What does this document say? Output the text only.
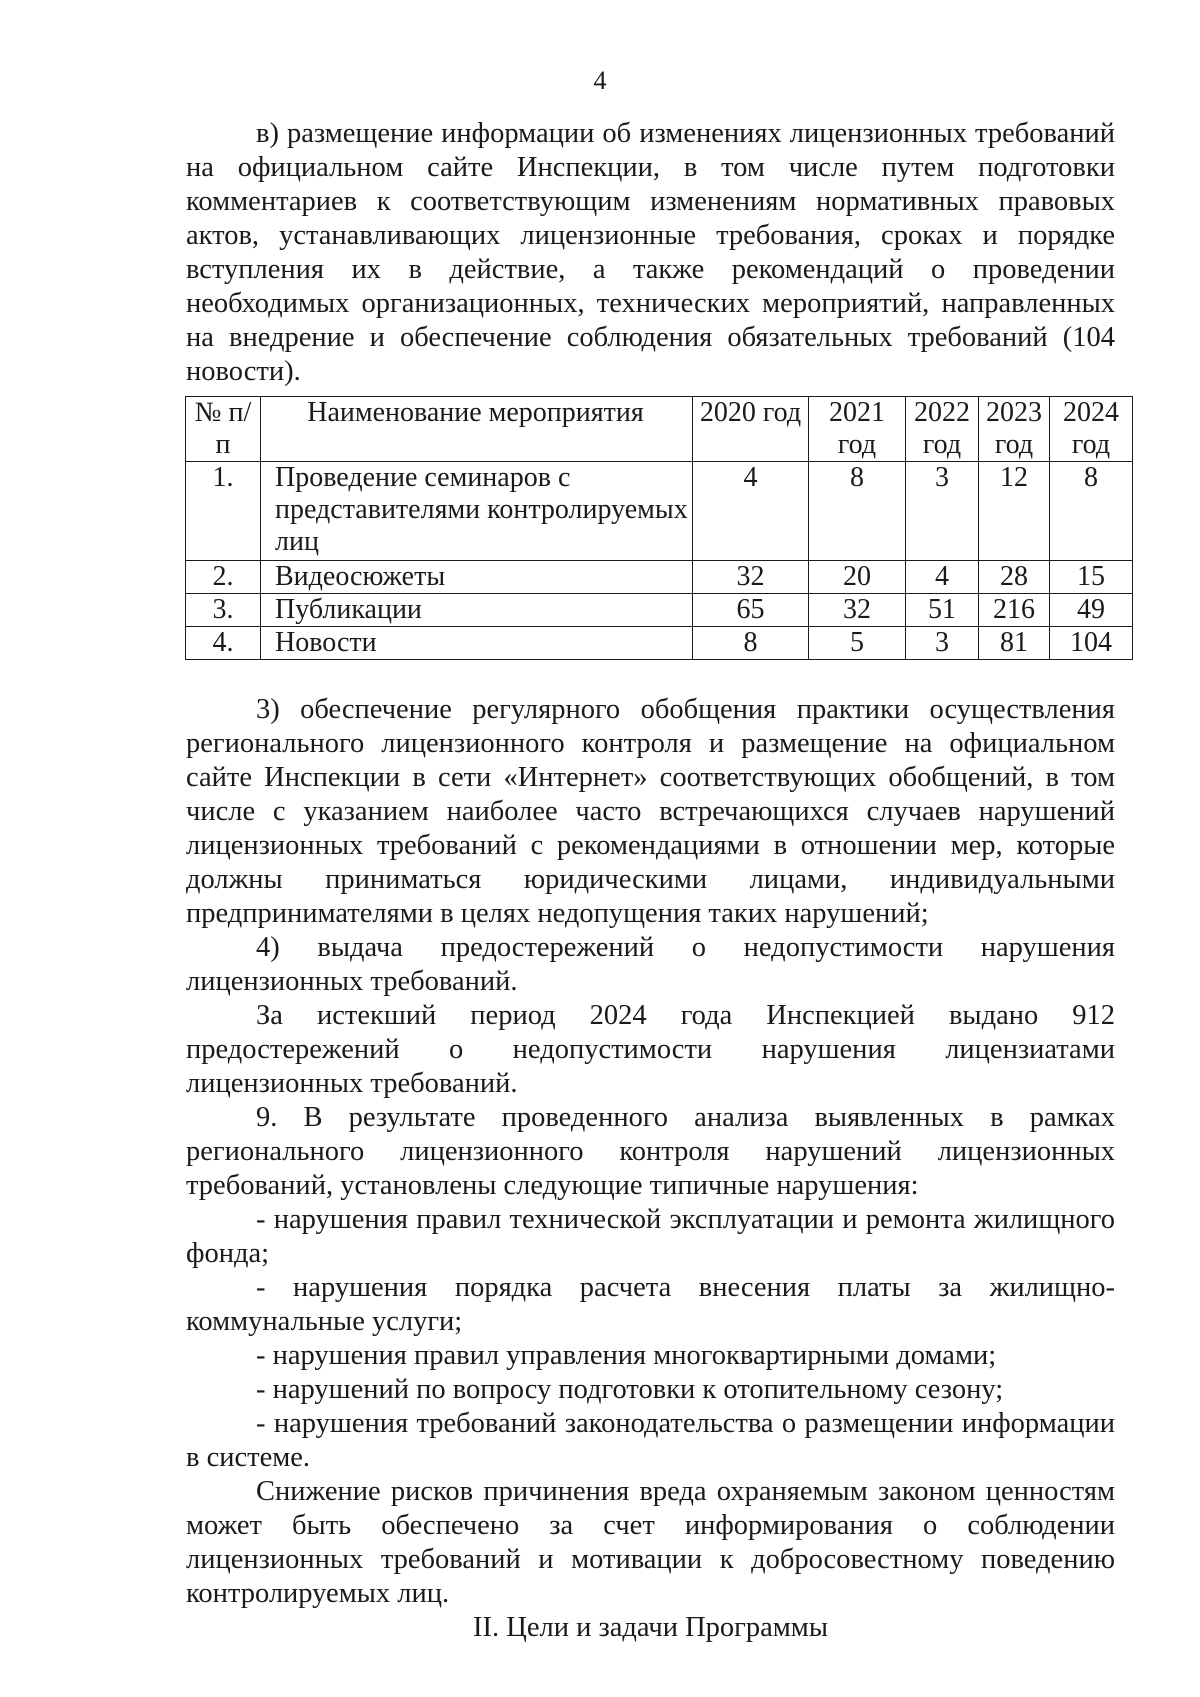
4

в) размещение информации об изменениях лицензионных требований на официальном сайте Инспекции, в том числе путем подготовки комментариев к соответствующим изменениям нормативных правовых актов, устанавливающих лицензионные требования, сроках и порядке вступления их в действие, а также рекомендаций о проведении необходимых организационных, технических мероприятий, направленных на внедрение и обеспечение соблюдения обязательных требований (104 новости).

№ п/п	Наименование мероприятия	2020 год	2021 год	2022 год	2023 год	2024 год
1.	Проведение семинаров с представителями контролируемых лиц	4	8	3	12	8
2.	Видеосюжеты	32	20	4	28	15
3.	Публикации	65	32	51	216	49
4.	Новости	8	5	3	81	104

3) обеспечение регулярного обобщения практики осуществления регионального лицензионного контроля и размещение на официальном сайте Инспекции в сети «Интернет» соответствующих обобщений, в том числе с указанием наиболее часто встречающихся случаев нарушений лицензионных требований с рекомендациями в отношении мер, которые должны приниматься юридическими лицами, индивидуальными предпринимателями в целях недопущения таких нарушений;

4) выдача предостережений о недопустимости нарушения лицензионных требований.

За истекший период 2024 года Инспекцией выдано 912 предостережений о недопустимости нарушения лицензиатами лицензионных требований.

9. В результате проведенного анализа выявленных в рамках регионального лицензионного контроля нарушений лицензионных требований, установлены следующие типичные нарушения:

- нарушения правил технической эксплуатации и ремонта жилищного фонда;

- нарушения порядка расчета внесения платы за жилищно-коммунальные услуги;

- нарушения правил управления многоквартирными домами;

- нарушений по вопросу подготовки к отопительному сезону;

- нарушения требований законодательства о размещении информации в системе.

Снижение рисков причинения вреда охраняемым законом ценностям может быть обеспечено за счет информирования о соблюдении лицензионных требований и мотивации к добросовестному поведению контролируемых лиц.

II. Цели и задачи Программы
